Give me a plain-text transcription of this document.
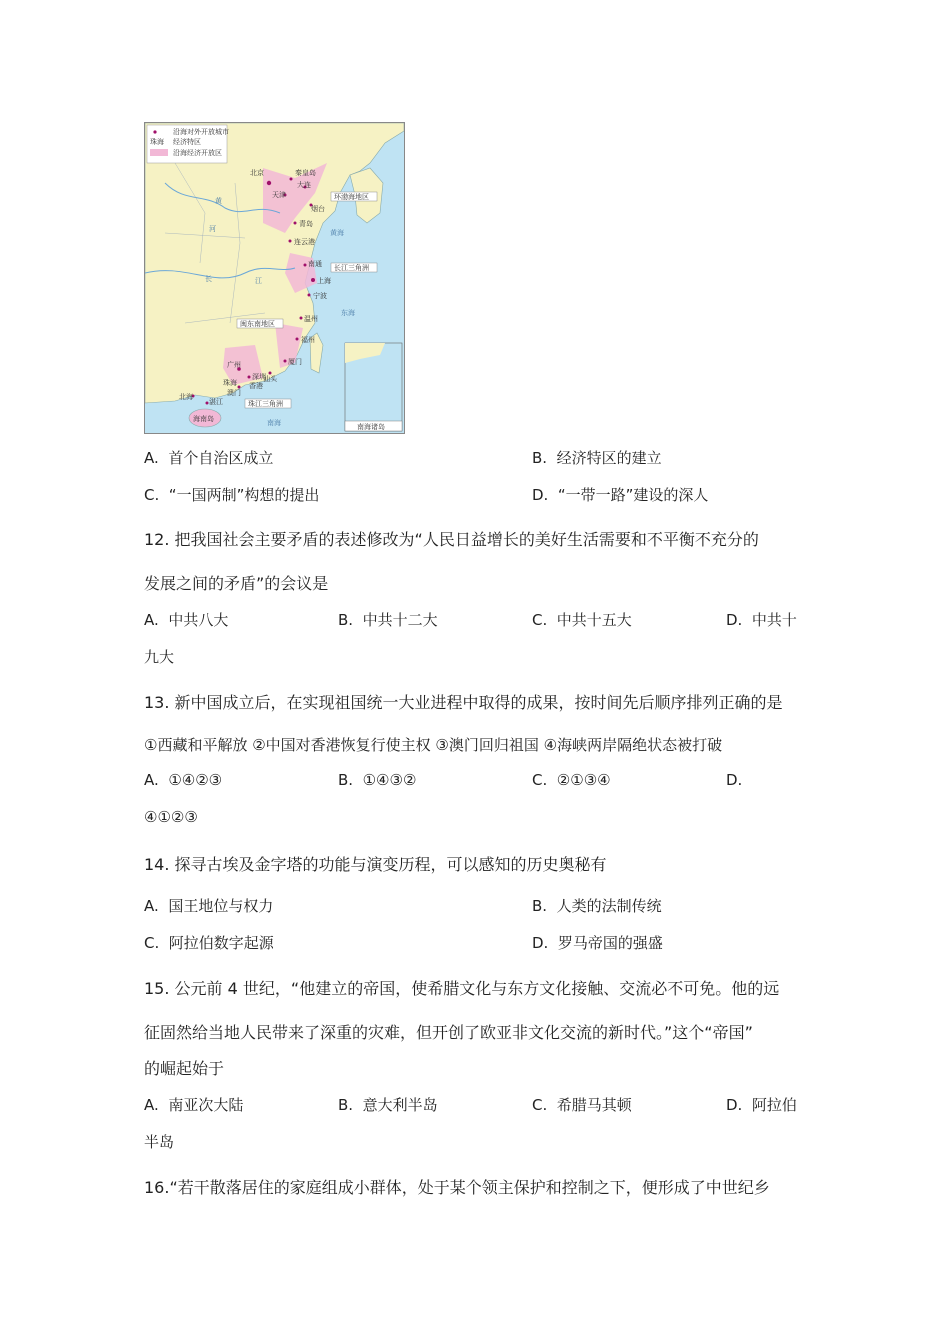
沿海对外开放城市
珠海 经济特区
沿海经济开放区
北京	秦皇岛
天津
大连
烟台
青岛
连云港
南通
上海
宁波
温州
福州
厦门
汕头
广州
深圳
珠海 香港
澳门
北海
湛江
海南岛
环渤海地区
长江三角洲
闽东南地区
珠江三角洲
黄海
东海
南海
长	江
黄
河
南海诸岛
A. 首个自治区成立	B. 经济特区的建立
C. “一国两制”构想的提出	D. “一带一路”建设的深人
12. 把我国社会主要矛盾的表述修改为“人民日益增长的美好生活需要和不平衡不充分的
发展之间的矛盾”的会议是
A. 中共八大	B. 中共十二大	C. 中共十五大	D. 中共十
九大
13. 新中国成立后，在实现祖国统一大业进程中取得的成果，按时间先后顺序排列正确的是
①西藏和平解放 ②中国对香港恢复行使主权 ③澳门回归祖国 ④海峡两岸隔绝状态被打破
A. ①④②③	B. ①④③②	C. ②①③④	D.
④①②③
14. 探寻古埃及金字塔的功能与演变历程，可以感知的历史奥秘有
A. 国王地位与权力	B. 人类的法制传统
C. 阿拉伯数字起源	D. 罗马帝国的强盛
15. 公元前 4 世纪，“他建立的帝国，使希腊文化与东方文化接触、交流必不可免。他的远
征固然给当地人民带来了深重的灾难，但开创了欧亚非文化交流的新时代。”这个“帝国”
的崛起始于
A. 南亚次大陆	B. 意大利半岛	C. 希腊马其顿	D. 阿拉伯
半岛
16.“若干散落居住的家庭组成小群体，处于某个领主保护和控制之下，便形成了中世纪乡
